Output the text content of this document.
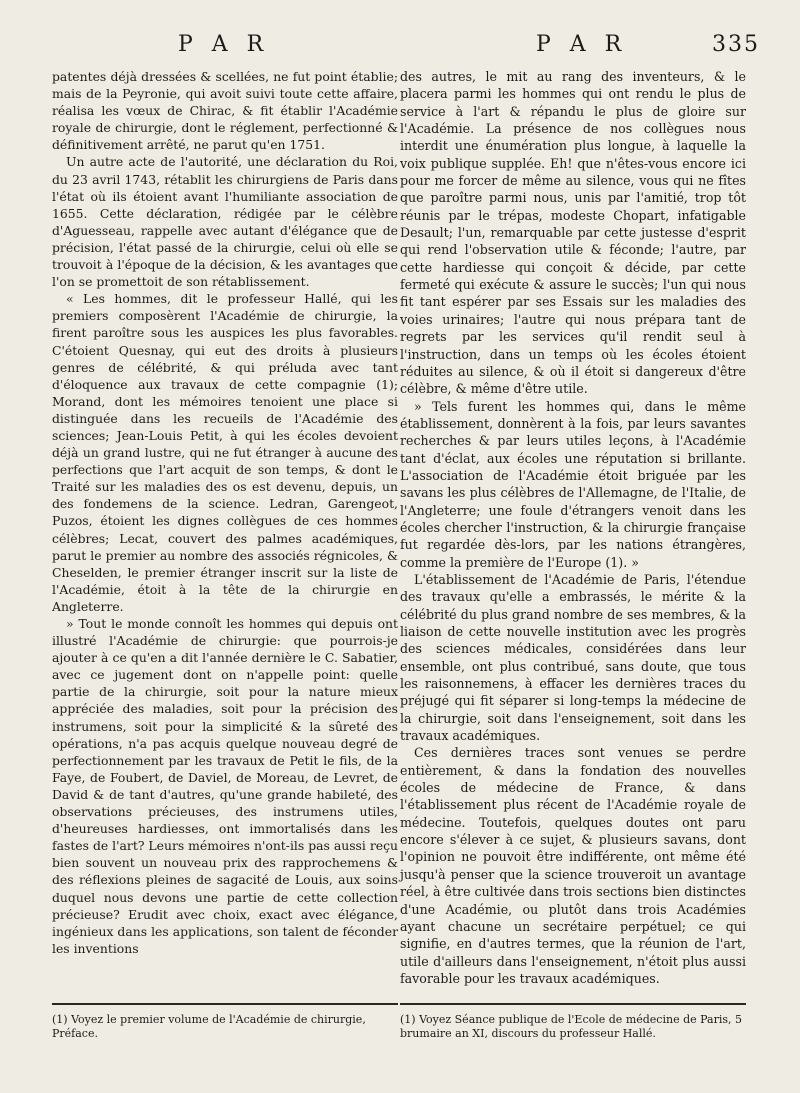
P A R	P A R	335

patentes déjà dressées & scellées, ne fut point établie; mais de la Peyronie, qui avoit suivi toute cette affaire, réalisa les vœux de Chirac, & fit établir l'Académie royale de chirurgie, dont le réglement, perfectionné & définitivement arrêté, ne parut qu'en 1751.

Un autre acte de l'autorité, une déclaration du Roi, du 23 avril 1743, rétablit les chirurgiens de Paris dans l'état où ils étoient avant l'humiliante association de 1655. Cette déclaration, rédigée par le célèbre d'Aguesseau, rappelle avec autant d'élégance que de précision, l'état passé de la chirurgie, celui où elle se trouvoit à l'époque de la décision, & les avantages que l'on se promettoit de son rétablissement.

« Les hommes, dit le professeur Hallé, qui les premiers composèrent l'Académie de chirurgie, la firent paroître sous les auspices les plus favorables. C'étoient Quesnay, qui eut des droits à plusieurs genres de célébrité, & qui préluda avec tant d'éloquence aux travaux de cette compagnie (1); Morand, dont les mémoires tenoient une place si distinguée dans les recueils de l'Académie des sciences; Jean-Louis Petit, à qui les écoles devoient déjà un grand lustre, qui ne fut étranger à aucune des perfections que l'art acquit de son temps, & dont le Traité sur les maladies des os est devenu, depuis, un des fondemens de la science. Ledran, Garengeot, Puzos, étoient les dignes collègues de ces hommes célèbres; Lecat, couvert des palmes académiques, parut le premier au nombre des associés régnicoles, & Cheselden, le premier étranger inscrit sur la liste de l'Académie, étoit à la tête de la chirurgie en Angleterre.

» Tout le monde connoît les hommes qui depuis ont illustré l'Académie de chirurgie: que pourrois-je ajouter à ce qu'en a dit l'année dernière le C. Sabatier, avec ce jugement dont on n'appelle point: quelle partie de la chirurgie, soit pour la nature mieux appréciée des maladies, soit pour la précision des instrumens, soit pour la simplicité & la sûreté des opérations, n'a pas acquis quelque nouveau degré de perfectionnement par les travaux de Petit le fils, de la Faye, de Foubert, de Daviel, de Moreau, de Levret, de David & de tant d'autres, qu'une grande habileté, des observations précieuses, des instrumens utiles, d'heureuses hardiesses, ont immortalisés dans les fastes de l'art? Leurs mémoires n'ont-ils pas aussi reçu bien souvent un nouveau prix des rapprochemens & des réflexions pleines de sagacité de Louis, aux soins duquel nous devons une partie de cette collection précieuse? Erudit avec choix, exact avec élégance, ingénieux dans les applications, son talent de féconder les inventions

des autres, le mit au rang des inventeurs, & le placera parmi les hommes qui ont rendu le plus de service à l'art & répandu le plus de gloire sur l'Académie. La présence de nos collègues nous interdit une énumération plus longue, à laquelle la voix publique supplée. Eh! que n'êtes-vous encore ici pour me forcer de même au silence, vous qui ne fîtes que paroître parmi nous, unis par l'amitié, trop tôt réunis par le trépas, modeste Chopart, infatigable Desault; l'un, remarquable par cette justesse d'esprit qui rend l'observation utile & féconde; l'autre, par cette hardiesse qui conçoit & décide, par cette fermeté qui exécute & assure le succès; l'un qui nous fit tant espérer par ses Essais sur les maladies des voies urinaires; l'autre qui nous prépara tant de regrets par les services qu'il rendit seul à l'instruction, dans un temps où les écoles étoient réduites au silence, & où il étoit si dangereux d'être célèbre, & même d'être utile.

» Tels furent les hommes qui, dans le même établissement, donnèrent à la fois, par leurs savantes recherches & par leurs utiles leçons, à l'Académie tant d'éclat, aux écoles une réputation si brillante. L'association de l'Académie étoit briguée par les savans les plus célèbres de l'Allemagne, de l'Italie, de l'Angleterre; une foule d'étrangers venoit dans les écoles chercher l'instruction, & la chirurgie française fut regardée dès-lors, par les nations étrangères, comme la première de l'Europe (1). »

L'établissement de l'Académie de Paris, l'étendue des travaux qu'elle a embrassés, le mérite & la célébrité du plus grand nombre de ses membres, & la liaison de cette nouvelle institution avec les progrès des sciences médicales, considérées dans leur ensemble, ont plus contribué, sans doute, que tous les raisonnemens, à effacer les dernières traces du préjugé qui fit séparer si long-temps la médecine de la chirurgie, soit dans l'enseignement, soit dans les travaux académiques.

Ces dernières traces sont venues se perdre entièrement, & dans la fondation des nouvelles écoles de médecine de France, & dans l'établissement plus récent de l'Académie royale de médecine. Toutefois, quelques doutes ont paru encore s'élever à ce sujet, & plusieurs savans, dont l'opinion ne pouvoit être indifférente, ont même été jusqu'à penser que la science trouveroit un avantage réel, à être cultivée dans trois sections bien distinctes d'une Académie, ou plutôt dans trois Académies ayant chacune un secrétaire perpétuel; ce qui signifie, en d'autres termes, que la réunion de l'art, utile d'ailleurs dans l'enseignement, n'étoit plus aussi favorable pour les travaux académiques.

(1) Voyez le premier volume de l'Académie de chirurgie, Préface.
(1) Voyez Séance publique de l'Ecole de médecine de Paris, 5 brumaire an XI, discours du professeur Hallé.
